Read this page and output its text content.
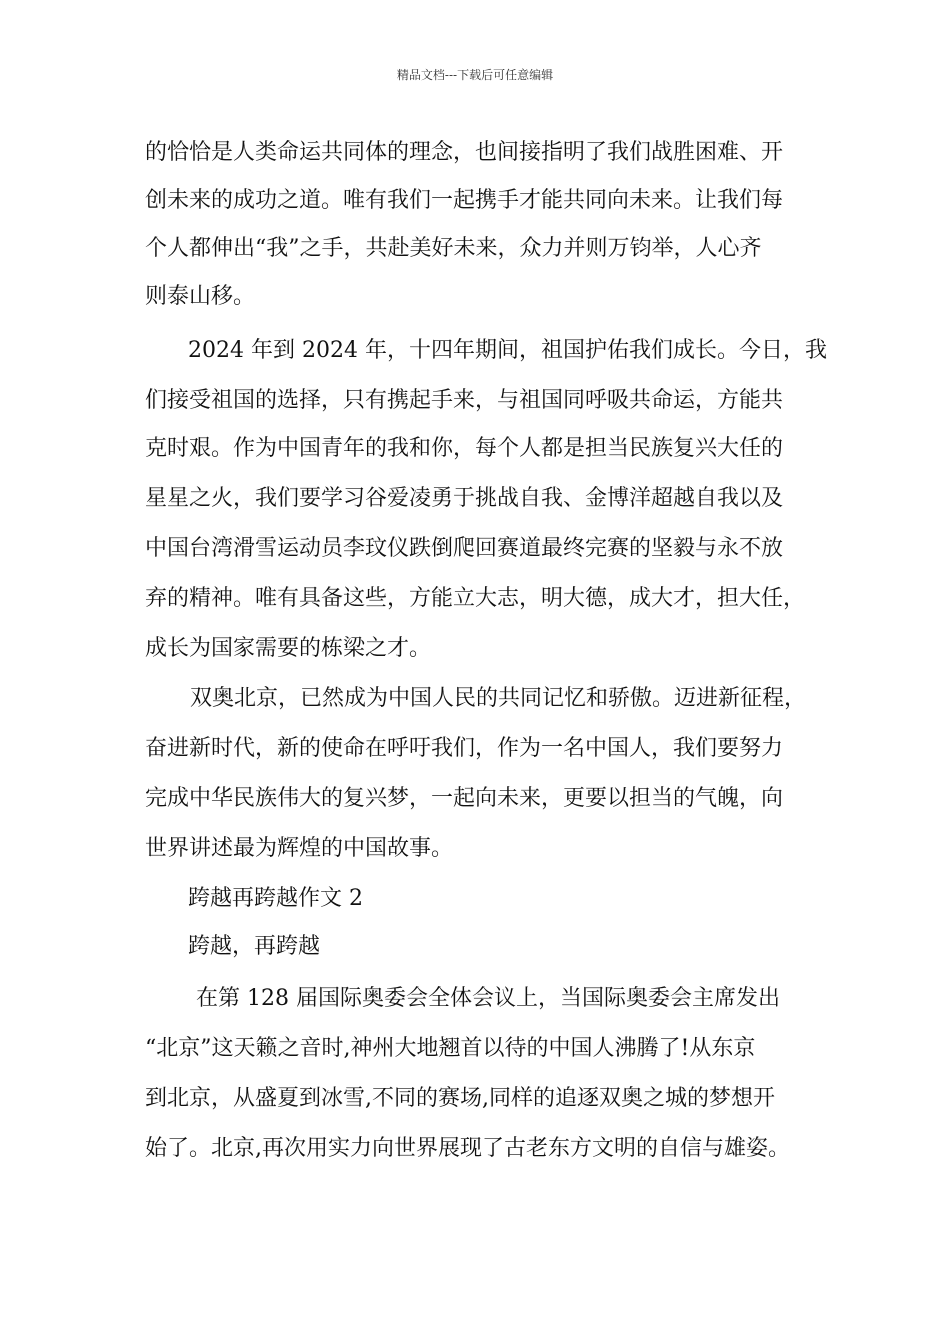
精品文档---下载后可任意编辑
的恰恰是人类命运共同体的理念，也间接指明了我们战胜困难、开
创未来的成功之道。唯有我们一起携手才能共同向未来。让我们每
个人都伸出“我”之手，共赴美好未来，众力并则万钧举，人心齐
则泰山移。
2024 年到 2024 年，十四年期间，祖国护佑我们成长。今日，我
们接受祖国的选择，只有携起手来，与祖国同呼吸共命运，方能共
克时艰。作为中国青年的我和你，每个人都是担当民族复兴大任的
星星之火，我们要学习谷爱凌勇于挑战自我、金博洋超越自我以及
中国台湾滑雪运动员李玟仪跌倒爬回赛道最终完赛的坚毅与永不放
弃的精神。唯有具备这些，方能立大志，明大德，成大才，担大任，
成长为国家需要的栋梁之才。
双奥北京，已然成为中国人民的共同记忆和骄傲。迈进新征程，
奋进新时代，新的使命在呼吁我们，作为一名中国人，我们要努力
完成中华民族伟大的复兴梦，一起向未来，更要以担当的气魄，向
世界讲述最为辉煌的中国故事。
跨越再跨越作文 2
跨越，再跨越
在第 128 届国际奥委会全体会议上，当国际奥委会主席发出
“北京”这天籁之音时,神州大地翘首以待的中国人沸腾了!从东京
到北京，从盛夏到冰雪,不同的赛场,同样的追逐双奥之城的梦想开
始了。北京,再次用实力向世界展现了古老东方文明的自信与雄姿。
